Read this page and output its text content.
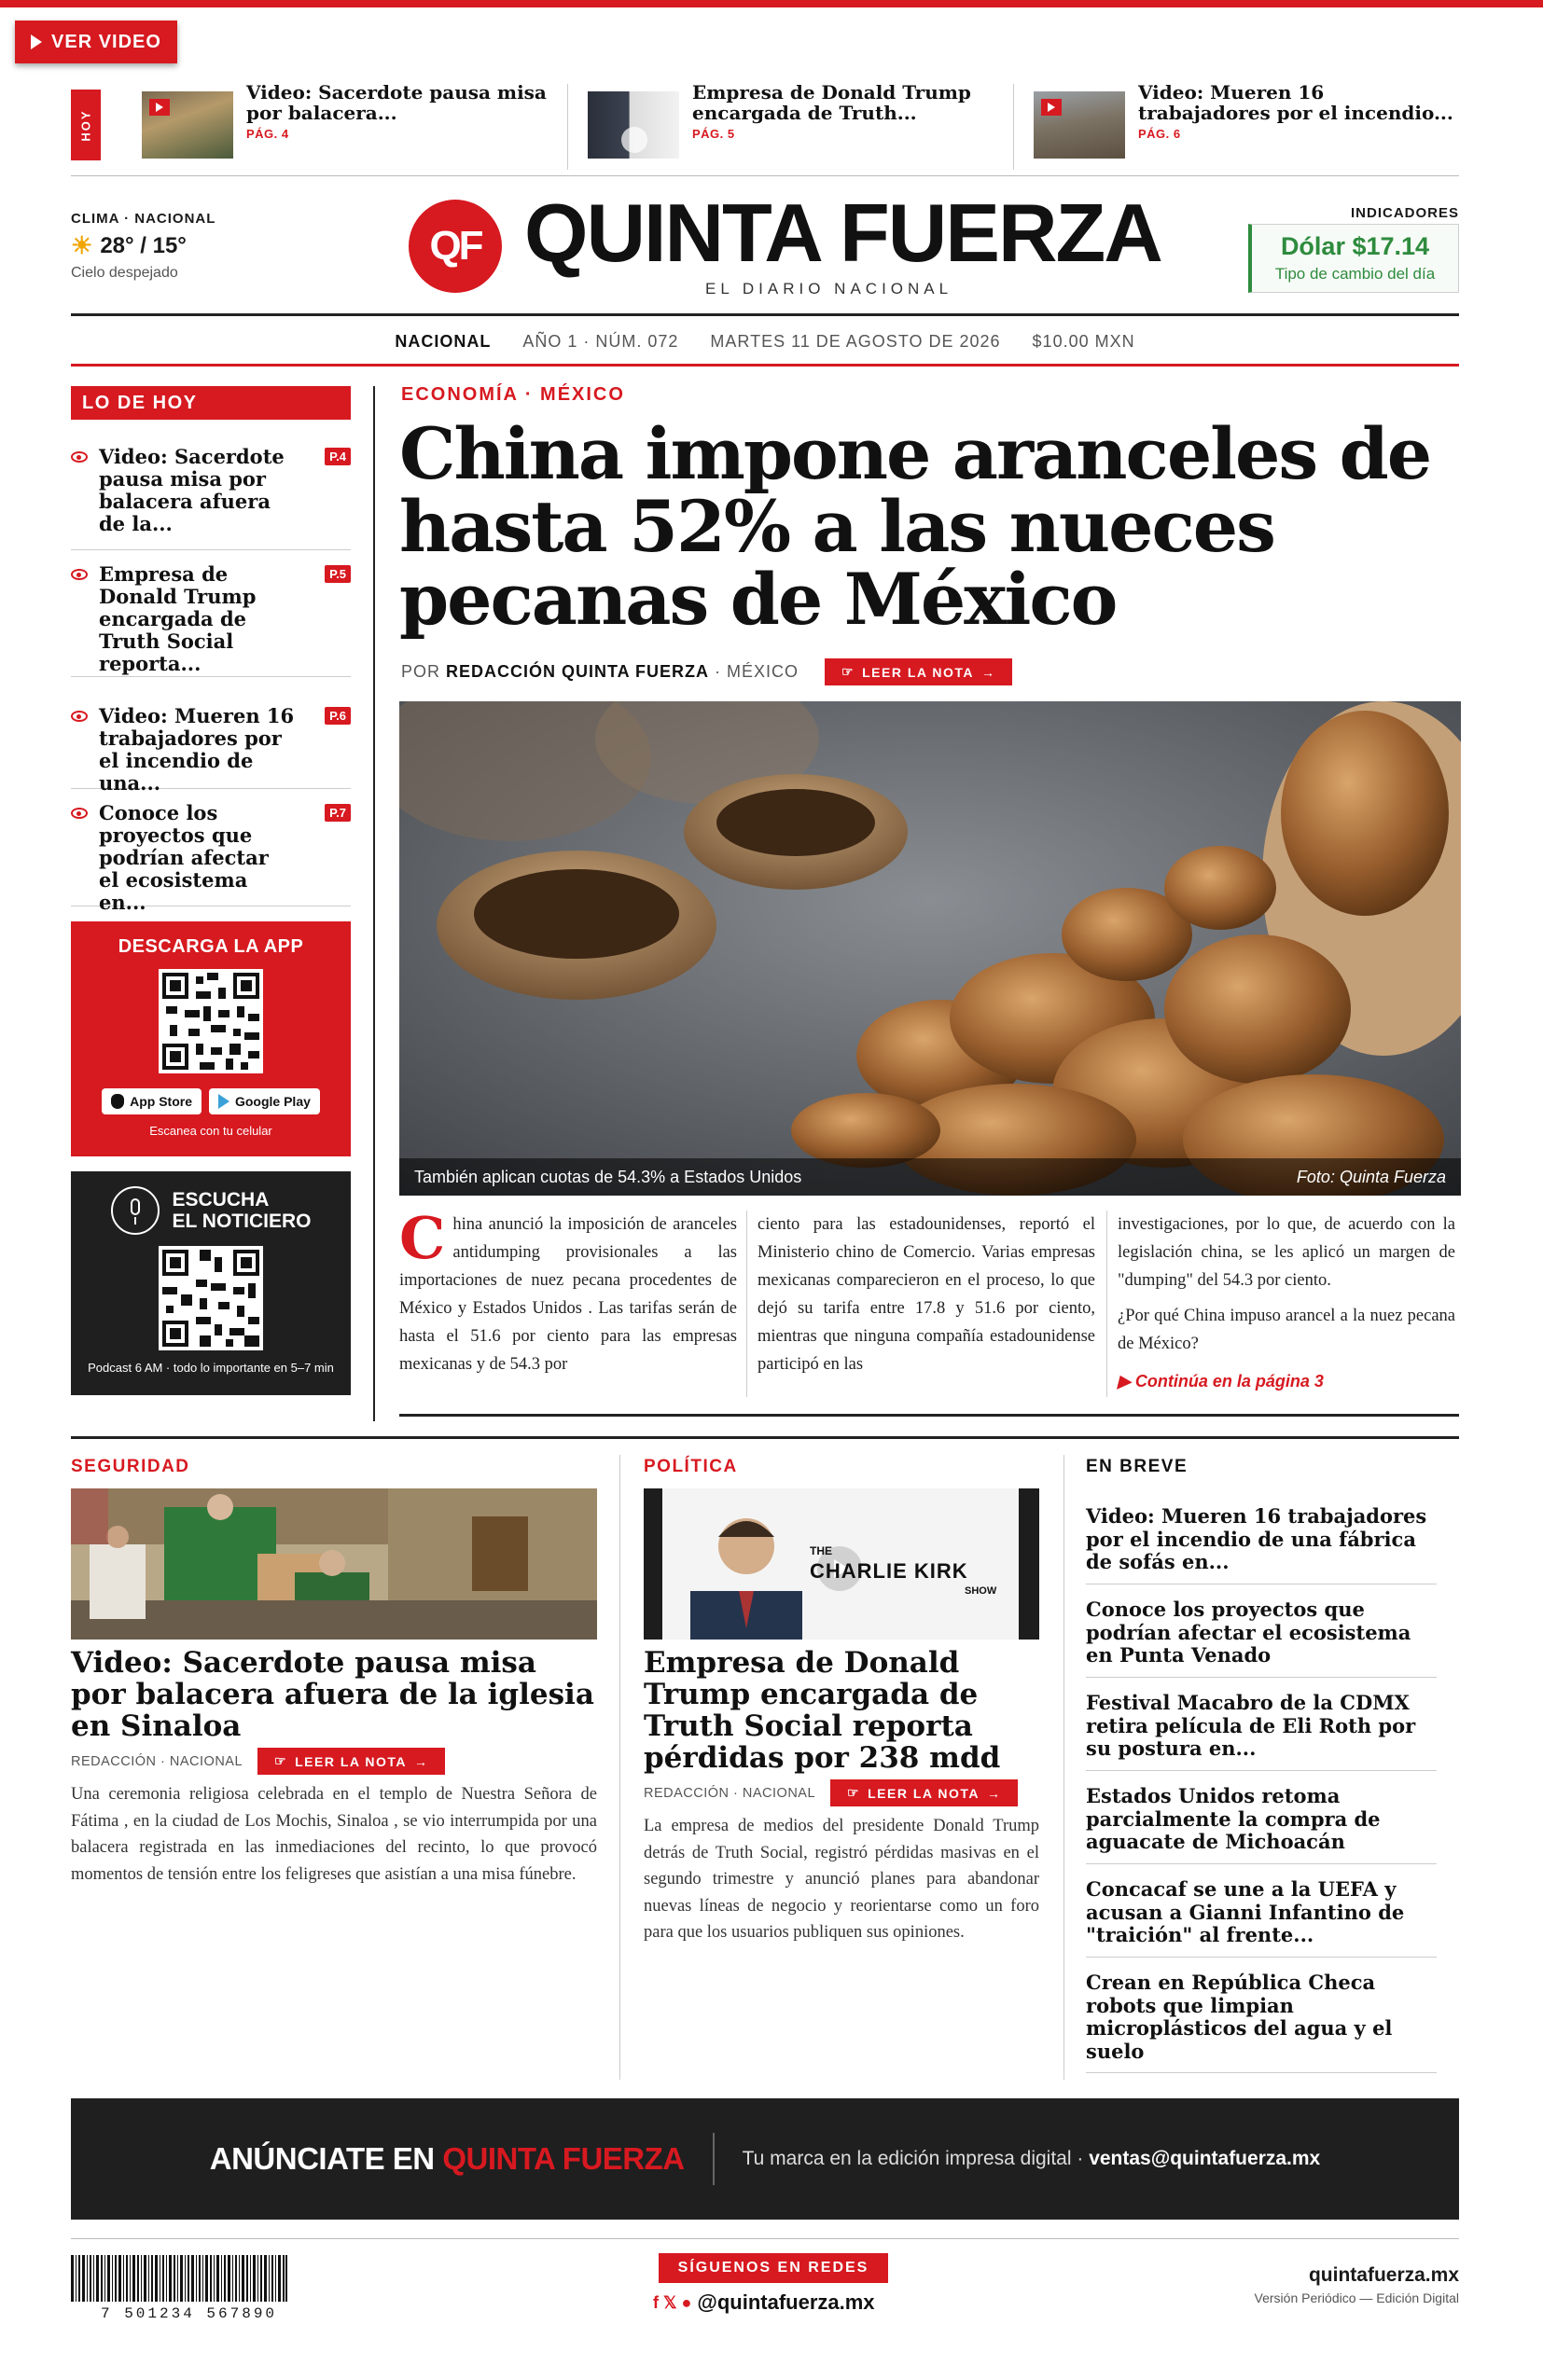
VER VIDEO
HOY
Video: Sacerdote pausa misa por balacera...
PÁG. 4
Empresa de Donald Trump encargada de Truth...
PÁG. 5
Video: Mueren 16 trabajadores por el incendio...
PÁG. 6
CLIMA · NACIONAL
☀ 28° / 15°
Cielo despejado
QF QUINTA FUERZA
EL DIARIO NACIONAL
INDICADORES
Dólar $17.14
Tipo de cambio del día
NACIONAL AÑO 1 · NÚM. 072 MARTES 11 DE AGOSTO DE 2026 $10.00 MXN
LO DE HOY
Video: Sacerdote pausa misa por balacera afuera de la...
P.4
Empresa de Donald Trump encargada de Truth Social reporta...
P.5
Video: Mueren 16 trabajadores por el incendio de una...
P.6
Conoce los proyectos que podrían afectar el ecosistema en...
P.7
DESCARGA LA APP
App Store	Google Play
Escanea con tu celular
ESCUCHA
EL NOTICIERO
Podcast 6 AM · todo lo importante en 5–7 min
ECONOMÍA · MÉXICO
China impone aranceles de hasta 52% a las nueces pecanas de México
POR REDACCIÓN QUINTA FUERZA · MÉXICO	☞ LEER LA NOTA →
También aplican cuotas de 54.3% a Estados Unidos	Foto: Quinta Fuerza
China anunció la imposición de aranceles antidumping provisionales a las importaciones de nuez pecana procedentes de México y Estados Unidos . Las tarifas serán de hasta el 51.6 por ciento para las empresas mexicanas y de 54.3 por
ciento para las estadounidenses, reportó el Ministerio chino de Comercio. Varias empresas mexicanas comparecieron en el proceso, lo que dejó su tarifa entre 17.8 y 51.6 por ciento, mientras que ninguna compañía estadounidense participó en las
investigaciones, por lo que, de acuerdo con la legislación china, se les aplicó un margen de "dumping" del 54.3 por ciento.
¿Por qué China impuso arancel a la nuez pecana de México?
▶ Continúa en la página 3
SEGURIDAD
Video: Sacerdote pausa misa por balacera afuera de la iglesia en Sinaloa
REDACCIÓN · NACIONAL ☞ LEER LA NOTA →
Una ceremonia religiosa celebrada en el templo de Nuestra Señora de Fátima , en la ciudad de Los Mochis, Sinaloa , se vio interrumpida por una balacera registrada en las inmediaciones del recinto, lo que provocó momentos de tensión entre los feligreses que asistían a una misa fúnebre.
POLÍTICA
THE
CHARLIE KIRK
SHOW
Empresa de Donald Trump encargada de Truth Social reporta pérdidas por 238 mdd
REDACCIÓN · NACIONAL ☞ LEER LA NOTA →
La empresa de medios del presidente Donald Trump detrás de Truth Social, registró pérdidas masivas en el segundo trimestre y anunció planes para abandonar nuevas líneas de negocio y reorientarse como un foro para que los usuarios publiquen sus opiniones.
EN BREVE
Video: Mueren 16 trabajadores por el incendio de una fábrica de sofás en...
Conoce los proyectos que podrían afectar el ecosistema en Punta Venado
Festival Macabro de la CDMX retira película de Eli Roth por su postura en...
Estados Unidos retoma parcialmente la compra de aguacate de Michoacán
Concacaf se une a la UEFA y acusan a Gianni Infantino de "traición" al frente...
Crean en República Checa robots que limpian microplásticos del agua y el suelo
ANÚNCIATE EN QUINTA FUERZA	Tu marca en la edición impresa digital · ventas@quintafuerza.mx
7 501234 567890
SÍGUENOS EN REDES
f 𝕏 ● @quintafuerza.mx
quintafuerza.mx
Versión Periódico — Edición Digital
